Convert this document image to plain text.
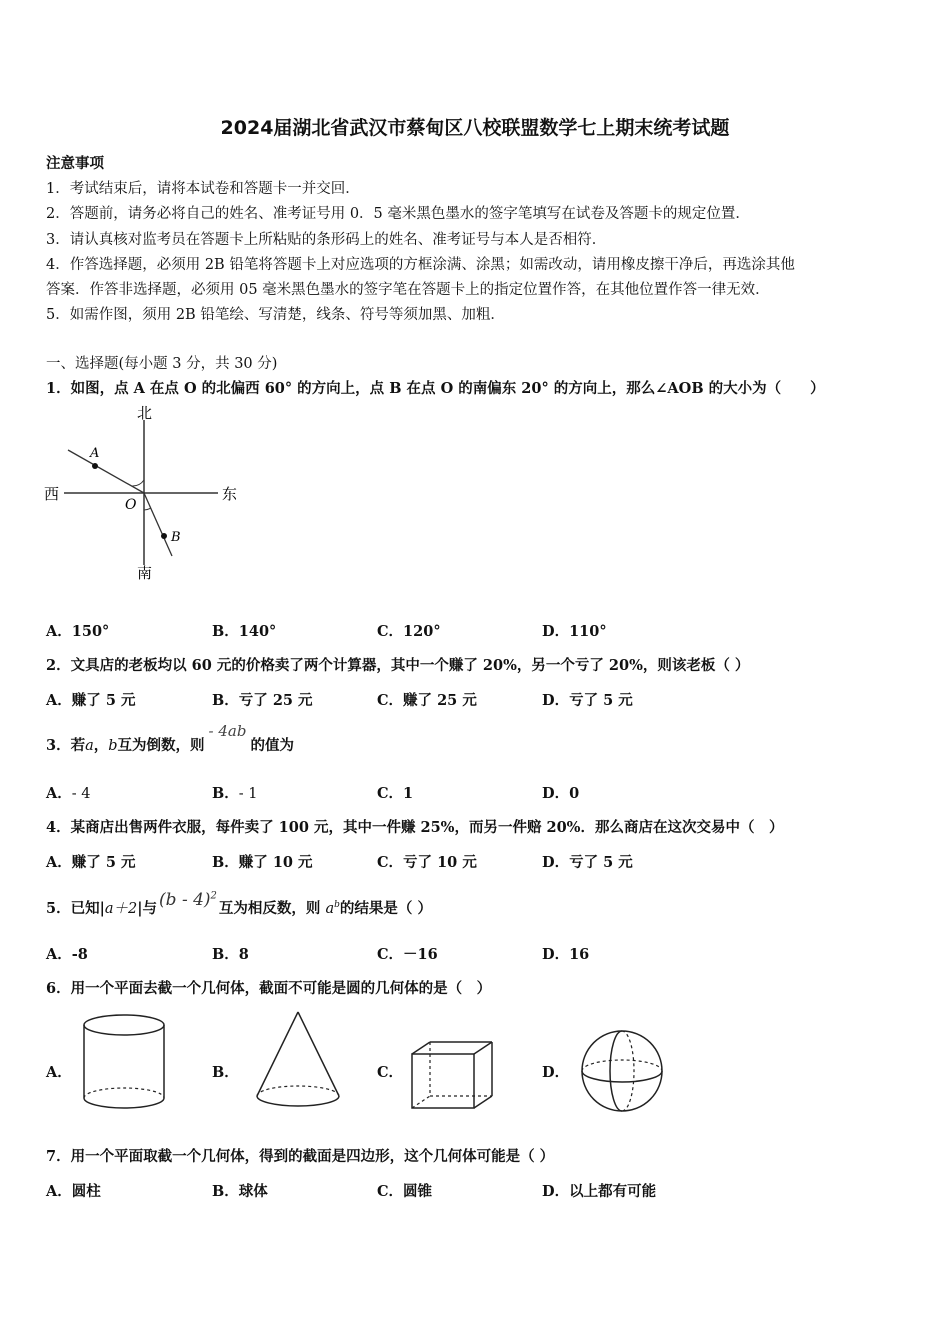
2024届湖北省武汉市蔡甸区八校联盟数学七上期末统考试题
注意事项
1．考试结束后，请将本试卷和答题卡一并交回．
2．答题前，请务必将自己的姓名、准考证号用 0．5 毫米黑色墨水的签字笔填写在试卷及答题卡的规定位置．
3．请认真核对监考员在答题卡上所粘贴的条形码上的姓名、准考证号与本人是否相符．
4．作答选择题，必须用 2B 铅笔将答题卡上对应选项的方框涂满、涂黑；如需改动，请用橡皮擦干净后，再选涂其他
答案．作答非选择题，必须用 05 毫米黑色墨水的签字笔在答题卡上的指定位置作答，在其他位置作答一律无效．
5．如需作图，须用 2B 铅笔绘、写清楚，线条、符号等须加黑、加粗．
一、选择题(每小题 3 分，共 30 分)
1．如图，点 A 在点 O 的北偏西 60° 的方向上，点 B 在点 O 的南偏东 20° 的方向上，那么∠AOB 的大小为（　　）
北
南
西	东
A
B
O
A．150°	B．140°	C．120°	D．110°
2．文具店的老板均以 60 元的价格卖了两个计算器，其中一个赚了 20%，另一个亏了 20%，则该老板（ ）
A．赚了 5 元	B．亏了 25 元	C．赚了 25 元	D．亏了 5 元
3．若a，b互为倒数，则- 4ab的值为
A．- 4	B．- 1	C．1	D．0
4．某商店出售两件衣服，每件卖了 100 元，其中一件赚 25%，而另一件赔 20%．那么商店在这次交易中（　）
A．赚了 5 元	B．赚了 10 元	C．亏了 10 元	D．亏了 5 元
5．已知|a＋2|与 (b - 4)$^2$互为相反数，则 $a^b$的结果是（ ）
A．-8	B．8	C．－16	D．16
6．用一个平面去截一个几何体，截面不可能是圆的几何体的是（　）
A．	B．	C．	D．
7．用一个平面取截一个几何体，得到的截面是四边形，这个几何体可能是（ ）
A．圆柱	B．球体	C．圆锥	D．以上都有可能
